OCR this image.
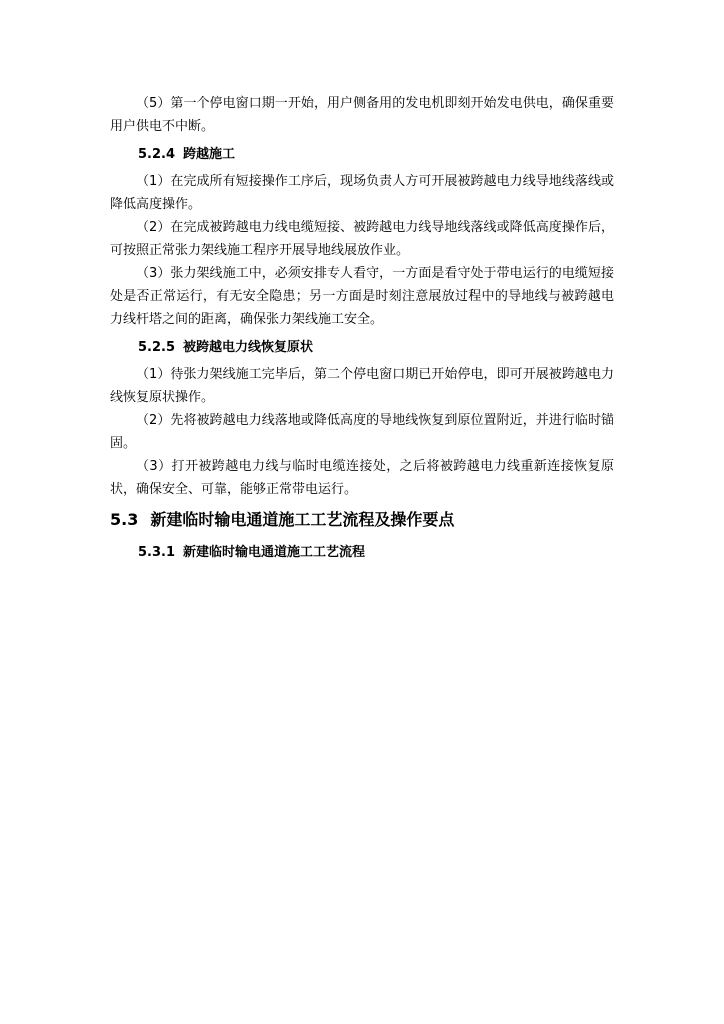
（5）第一个停电窗口期一开始，用户侧备用的发电机即刻开始发电供电，确保重要用户供电不中断。

5.2.4 跨越施工

（1）在完成所有短接操作工序后，现场负责人方可开展被跨越电力线导地线落线或降低高度操作。

（2）在完成被跨越电力线电缆短接、被跨越电力线导地线落线或降低高度操作后，可按照正常张力架线施工程序开展导地线展放作业。

（3）张力架线施工中，必须安排专人看守，一方面是看守处于带电运行的电缆短接处是否正常运行，有无安全隐患；另一方面是时刻注意展放过程中的导地线与被跨越电力线杆塔之间的距离，确保张力架线施工安全。

5.2.5 被跨越电力线恢复原状

（1）待张力架线施工完毕后，第二个停电窗口期已开始停电，即可开展被跨越电力线恢复原状操作。

（2）先将被跨越电力线落地或降低高度的导地线恢复到原位置附近，并进行临时锚固。

（3）打开被跨越电力线与临时电缆连接处，之后将被跨越电力线重新连接恢复原状，确保安全、可靠，能够正常带电运行。

5.3 新建临时输电通道施工工艺流程及操作要点
5.3.1 新建临时输电通道施工工艺流程
